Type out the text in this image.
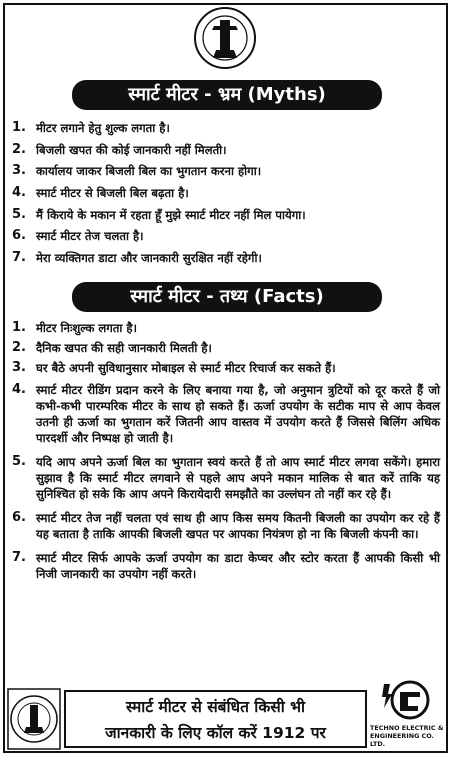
स्मार्ट मीटर - भ्रम (Myths)
1. मीटर लगाने हेतु शुल्क लगता है।
2. बिजली खपत की कोई जानकारी नहीं मिलती।
3. कार्यालय जाकर बिजली बिल का भुगतान करना होगा।
4. स्मार्ट मीटर से बिजली बिल बढ़ता है।
5. मैं किराये के मकान में रहता हूँ मुझे स्मार्ट मीटर नहीं मिल पायेगा।
6. स्मार्ट मीटर तेज चलता है।
7. मेरा व्यक्तिगत डाटा और जानकारी सुरक्षित नहीं रहेगी।
स्मार्ट मीटर - तथ्य (Facts)
1. मीटर निःशुल्क लगता है।
2. दैनिक खपत की सही जानकारी मिलती है।
3. घर बैठे अपनी सुविधानुसार मोबाइल से स्मार्ट मीटर रिचार्ज कर सकते हैं।
4. स्मार्ट मीटर रीडिंग प्रदान करने के लिए बनाया गया है, जो अनुमान त्रुटियों को दूर करते हैं जो कभी-कभी पारम्परिक मीटर के साथ हो सकते हैं। ऊर्जा उपयोग के सटीक माप से आप केवल उतनी ही ऊर्जा का भुगतान करें जितनी आप वास्तव में उपयोग करते हैं जिससे बिलिंग अधिक पारदर्शी और निष्पक्ष हो जाती है।
5. यदि आप अपने ऊर्जा बिल का भुगतान स्वयं करते हैं तो आप स्मार्ट मीटर लगवा सकेंगे। हमारा सुझाव है कि स्मार्ट मीटर लगवाने से पहले आप अपने मकान मालिक से बात करें ताकि यह सुनिश्चित हो सके कि आप अपने किरायेदारी समझौते का उल्लंघन तो नहीं कर रहे हैं।
6. स्मार्ट मीटर तेज नहीं चलता एवं साथ ही आप किस समय कितनी बिजली का उपयोग कर रहे हैं यह बताता है ताकि आपकी बिजली खपत पर आपका नियंत्रण हो ना कि बिजली कंपनी का।
7. स्मार्ट मीटर सिर्फ आपके ऊर्जा उपयोग का डाटा केप्चर और स्टोर करता हैं आपकी किसी भी निजी जानकारी का उपयोग नहीं करते।
स्मार्ट मीटर से संबंधित किसी भी
जानकारी के लिए कॉल करें 1912 पर	TECHNO ELECTRIC &
ENGINEERING CO. LTD.
